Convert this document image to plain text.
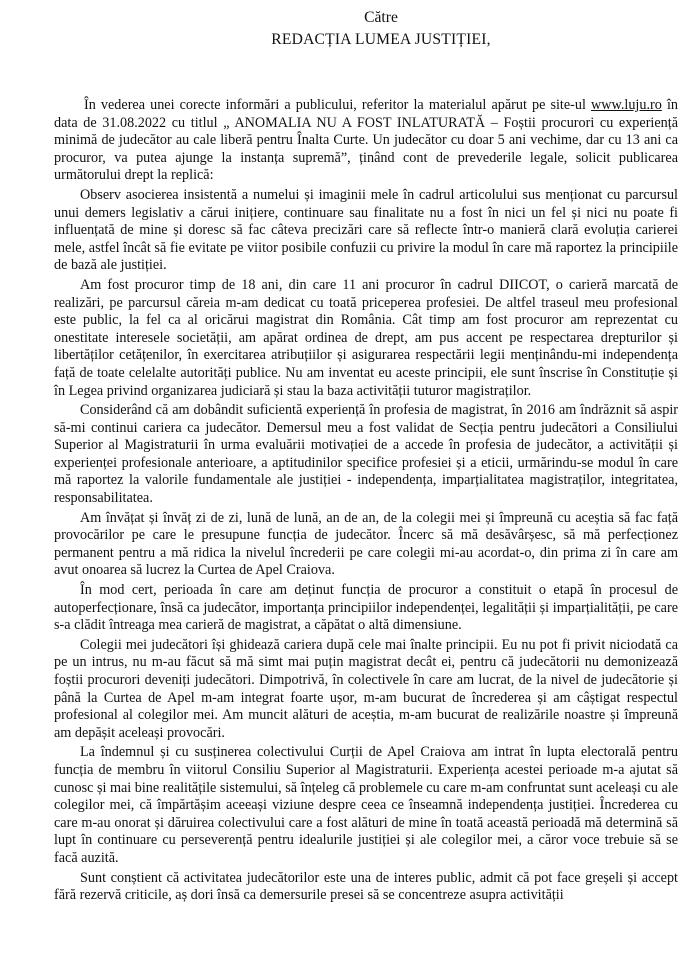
Către

REDACȚIA LUMEA JUSTIȚIEI,

În vederea unei corecte informări a publicului, referitor la materialul apărut pe site-ul www.luju.ro în data de 31.08.2022 cu titlul „ ANOMALIA NU A FOST INLATURATĂ – Foștii procurori cu experiență minimă de judecător au cale liberă pentru Înalta Curte. Un judecător cu doar 5 ani vechime, dar cu 13 ani ca procuror, va putea ajunge la instanța supremă”, ținând cont de prevederile legale, solicit publicarea următorului drept la replică:

Observ asocierea insistentă a numelui și imaginii mele în cadrul articolului sus menționat cu parcursul unui demers legislativ a cărui inițiere, continuare sau finalitate nu a fost în nici un fel și nici nu poate fi influențată de mine și doresc să fac câteva precizări care să reflecte într-o manieră clară evoluția carierei mele, astfel încât să fie evitate pe viitor posibile confuzii cu privire la modul în care mă raportez la principiile de bază ale justiției.

Am fost procuror timp de 18 ani, din care 11 ani procuror în cadrul DIICOT, o carieră marcată de realizări, pe parcursul căreia m-am dedicat cu toată priceperea profesiei. De altfel traseul meu profesional este public, la fel ca al oricărui magistrat din România. Cât timp am fost procuror am reprezentat cu onestitate interesele societății, am apărat ordinea de drept, am pus accent pe respectarea drepturilor și libertăților cetățenilor, în exercitarea atribuțiilor și asigurarea respectării legii menținându-mi independența față de toate celelalte autorități publice. Nu am inventat eu aceste principii, ele sunt înscrise în Constituție și în Legea privind organizarea judiciară și stau la baza activității tuturor magistraților.

Considerând că am dobândit suficientă experiență în profesia de magistrat, în 2016 am îndrăznit să aspir să-mi continui cariera ca judecător. Demersul meu a fost validat de Secția pentru judecători a Consiliului Superior al Magistraturii în urma evaluării motivației de a accede în profesia de judecător, a activității și experienței profesionale anterioare, a aptitudinilor specifice profesiei și a eticii, urmărindu-se modul în care mă raportez la valorile fundamentale ale justiției - independența, imparțialitatea magistraților, integritatea, responsabilitatea.

Am învățat și învăț zi de zi, lună de lună, an de an, de la colegii mei și împreună cu aceștia să fac față provocărilor pe care le presupune funcția de judecător. Încerc să mă desăvârșesc, să mă perfecționez permanent pentru a mă ridica la nivelul încrederii pe care colegii mi-au acordat-o, din prima zi în care am avut onoarea să lucrez la Curtea de Apel Craiova.

În mod cert, perioada în care am deținut funcția de procuror a constituit o etapă în procesul de autoperfecționare, însă ca judecător, importanța principiilor independenței, legalității și imparțialității, pe care s-a clădit întreaga mea carieră de magistrat, a căpătat o altă dimensiune.

Colegii mei judecători își ghidează cariera după cele mai înalte principii. Eu nu pot fi privit niciodată ca pe un intrus, nu m-au făcut să mă simt mai puțin magistrat decât ei, pentru că judecătorii nu demonizează foștii procurori deveniți judecători. Dimpotrivă, în colectivele în care am lucrat, de la nivel de judecătorie și până la Curtea de Apel m-am integrat foarte ușor, m-am bucurat de încrederea și am câștigat respectul profesional al colegilor mei. Am muncit alături de aceștia, m-am bucurat de realizările noastre și împreună am depășit aceleași provocări.

La îndemnul și cu susținerea colectivului Curții de Apel Craiova am intrat în lupta electorală pentru funcția de membru în viitorul Consiliu Superior al Magistraturii. Experiența acestei perioade m-a ajutat să cunosc și mai bine realitățile sistemului, să înțeleg că problemele cu care m-am confruntat sunt aceleași cu ale colegilor mei, că împărtășim aceeași viziune despre ceea ce înseamnă independența justiției. Încrederea cu care m-au onorat și dăruirea colectivului care a fost alături de mine în toată această perioadă mă determină să lupt în continuare cu perseverență pentru idealurile justiției și ale colegilor mei, a căror voce trebuie să se facă auzită.

Sunt conștient că activitatea judecătorilor este una de interes public, admit că pot face greșeli și accept fără rezervă criticile, aș dori însă ca demersurile presei să se concentreze asupra activității
